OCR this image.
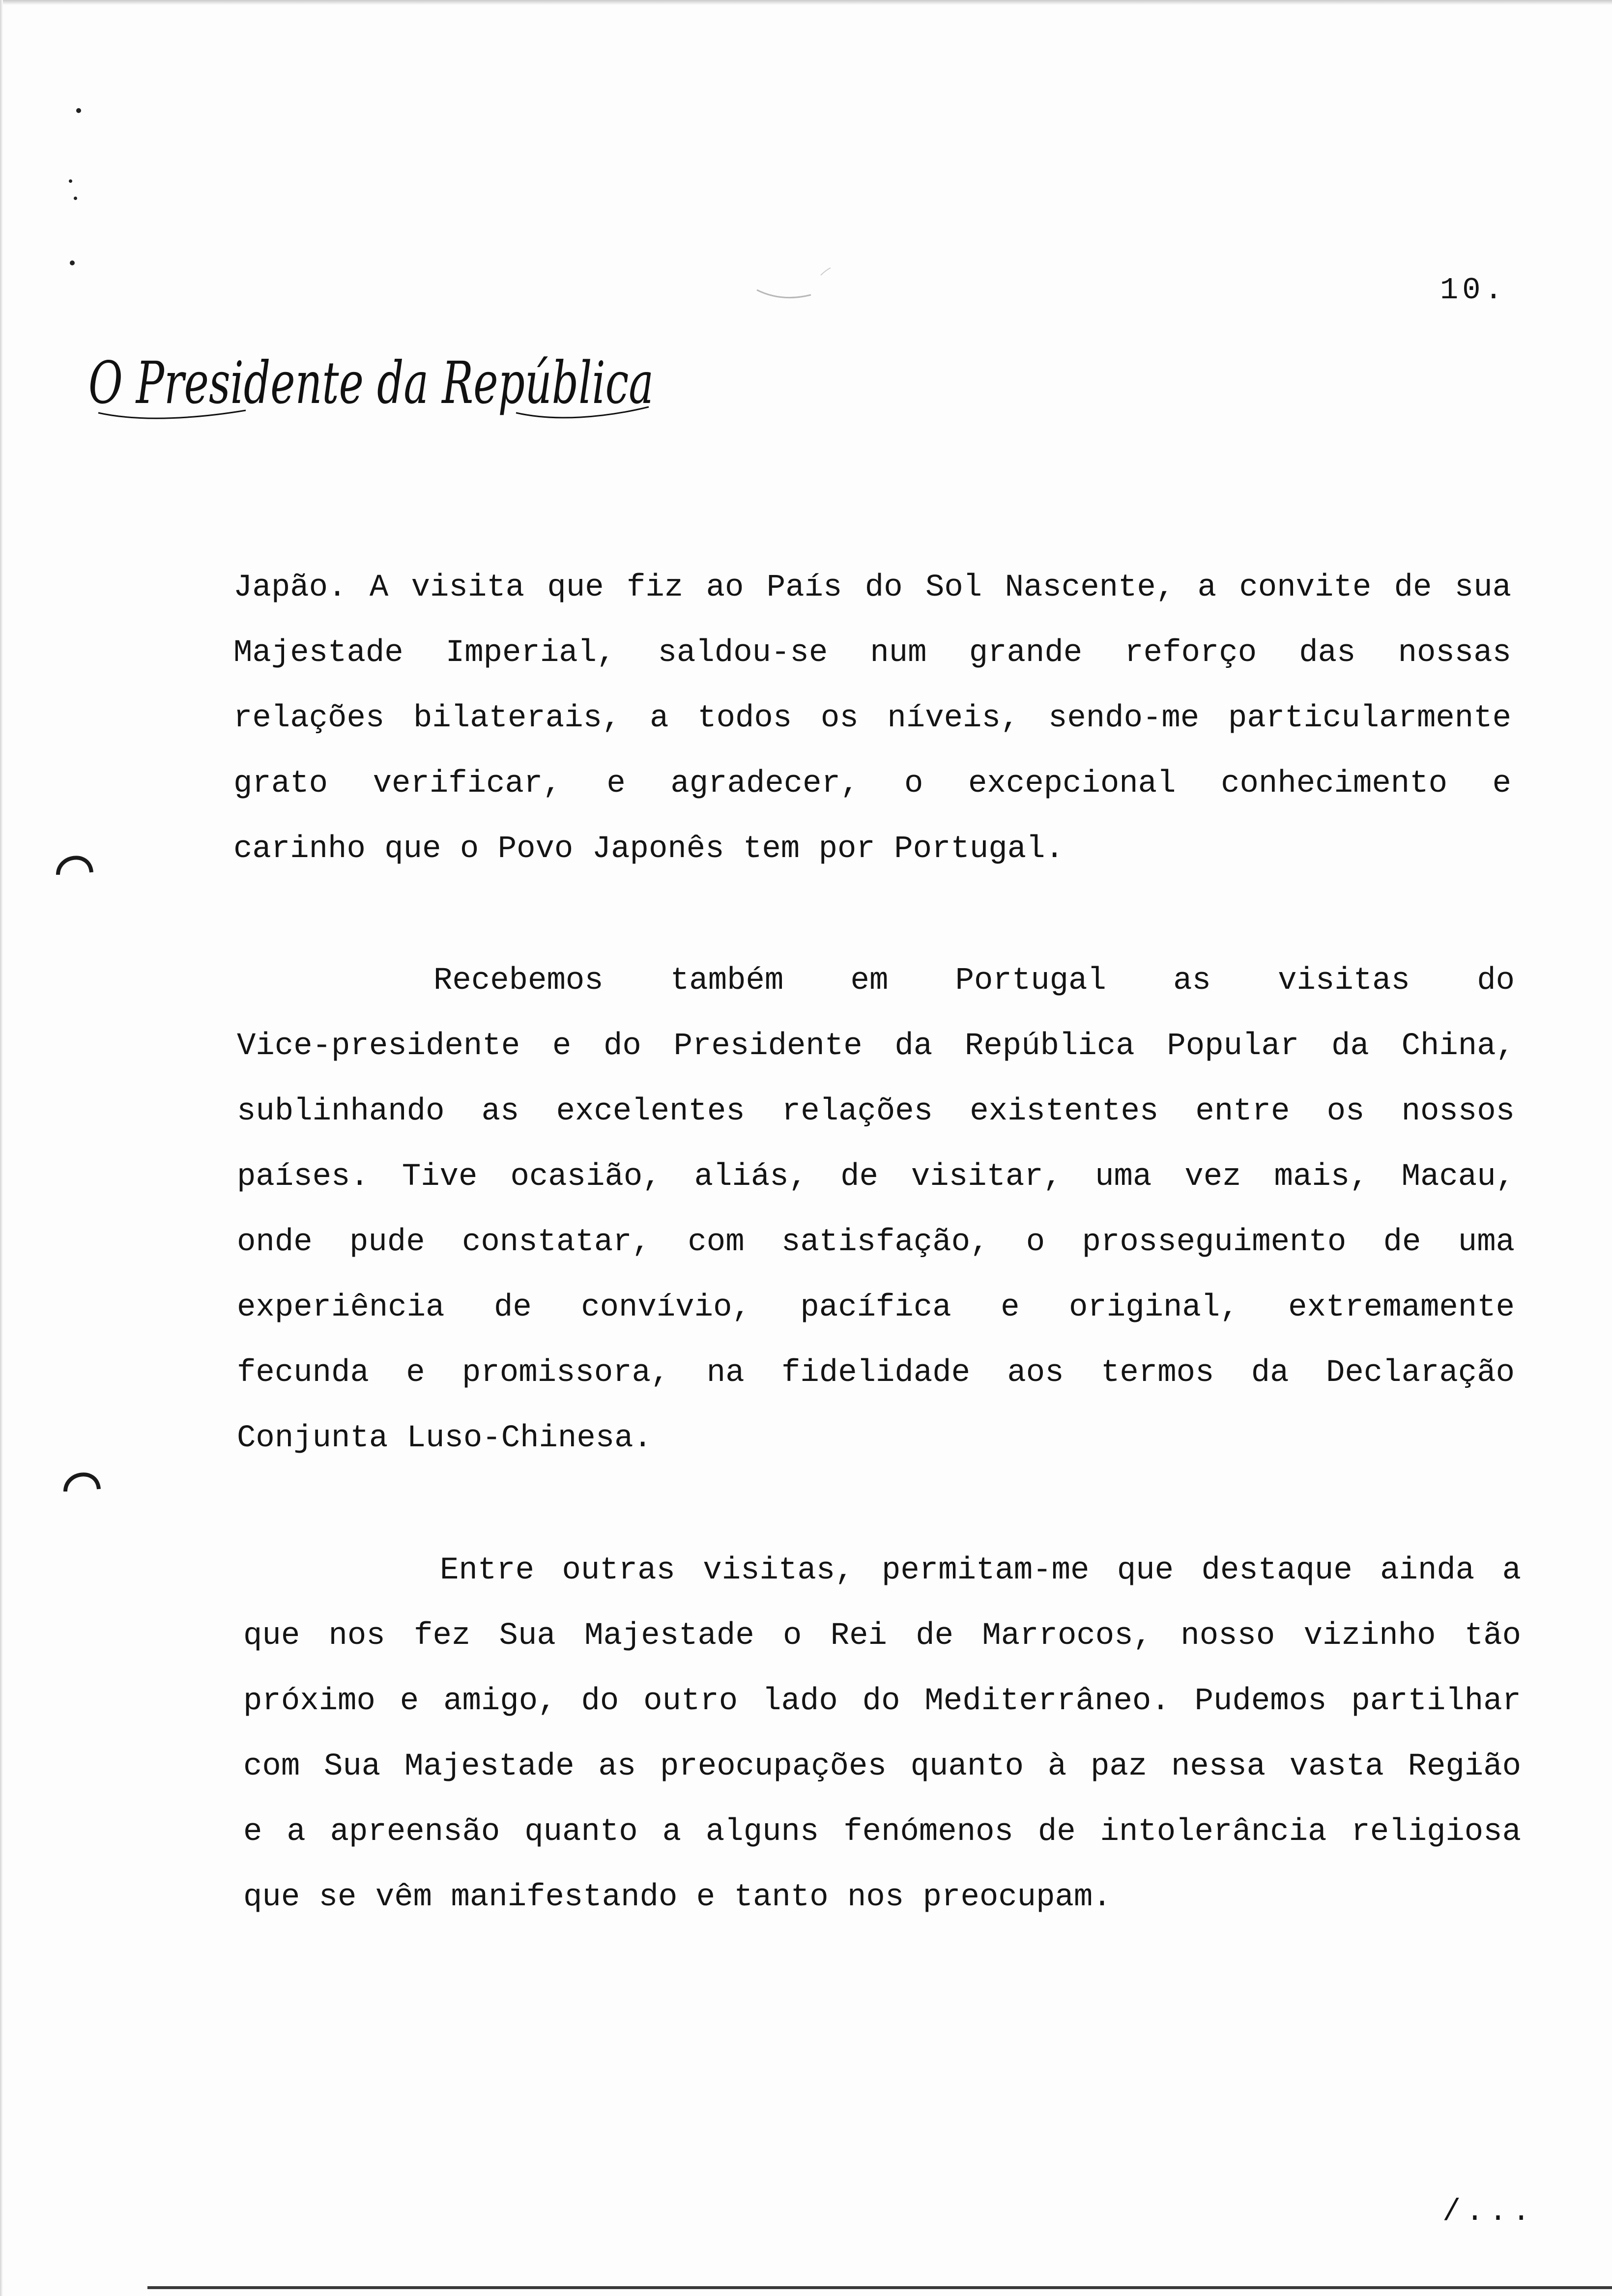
10.
O Presidente da República
Japão. A visita que fiz ao País do Sol Nascente, a convite de sua
Majestade Imperial, saldou-se num grande reforço das nossas
relações bilaterais, a todos os níveis, sendo-me particularmente
grato verificar, e agradecer, o excepcional conhecimento e
carinho que o Povo Japonês tem por Portugal.
Recebemos também em Portugal as visitas do
Vice-presidente e do Presidente da República Popular da China,
sublinhando as excelentes relações existentes entre os nossos
países. Tive ocasião, aliás, de visitar, uma vez mais, Macau,
onde pude constatar, com satisfação, o prosseguimento de uma
experiência de convívio, pacífica e original, extremamente
fecunda e promissora, na fidelidade aos termos da Declaração
Conjunta Luso-Chinesa.
Entre outras visitas, permitam-me que destaque ainda a
que nos fez Sua Majestade o Rei de Marrocos, nosso vizinho tão
próximo e amigo, do outro lado do Mediterrâneo. Pudemos partilhar
com Sua Majestade as preocupações quanto à paz nessa vasta Região
e a apreensão quanto a alguns fenómenos de intolerância religiosa
que se vêm manifestando e tanto nos preocupam.
/...
